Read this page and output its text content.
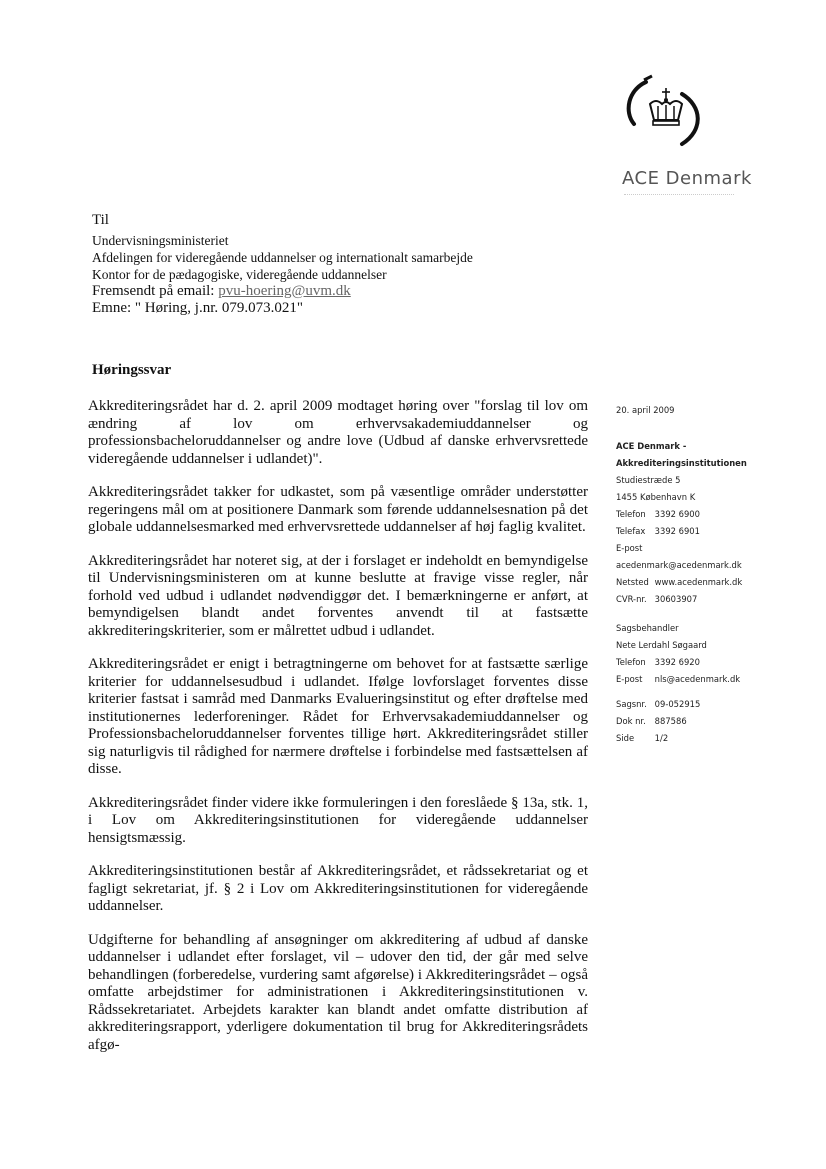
ACE Denmark
Til
Undervisningsministeriet
Afdelingen for videregående uddannelser og internationalt samarbejde
Kontor for de pædagogiske, videregående uddannelser
Fremsendt på email: pvu-hoering@uvm.dk
Emne: " Høring, j.nr. 079.073.021"
Høringssvar

Akkrediteringsrådet har d. 2. april 2009 modtaget høring over "forslag til lov om ændring af lov om erhvervsakademiuddannelser og professionsbacheloruddannelser og andre love (Udbud af danske erhvervsrettede videregående uddannelser i udlandet)".

Akkrediteringsrådet takker for udkastet, som på væsentlige områder understøtter regeringens mål om at positionere Danmark som førende uddannelsesnation på det globale uddannelsesmarked med erhvervsrettede uddannelser af høj faglig kvalitet.

Akkrediteringsrådet har noteret sig, at der i forslaget er indeholdt en bemyndigelse til Undervisningsministeren om at kunne beslutte at fravige visse regler, når forhold ved udbud i udlandet nødvendiggør det. I bemærkningerne er anført, at bemyndigelsen blandt andet forventes anvendt til at fastsætte akkrediteringskriterier, som er målrettet udbud i udlandet.

Akkrediteringsrådet er enigt i betragtningerne om behovet for at fastsætte særlige kriterier for uddannelsesudbud i udlandet. Ifølge lovforslaget forventes disse kriterier fastsat i samråd med Danmarks Evalueringsinstitut og efter drøftelse med institutionernes lederforeninger. Rådet for Erhvervsakademiuddannelser og Professionsbacheloruddannelser forventes tillige hørt. Akkrediteringsrådet stiller sig naturligvis til rådighed for nærmere drøftelse i forbindelse med fastsættelsen af disse.

Akkrediteringsrådet finder videre ikke formuleringen i den foreslåede § 13a, stk. 1, i Lov om Akkrediteringsinstitutionen for videregående uddannelser hensigtsmæssig.

Akkrediteringsinstitutionen består af Akkrediteringsrådet, et rådssekretariat og et fagligt sekretariat, jf. § 2 i Lov om Akkrediteringsinstitutionen for videregående uddannelser.

Udgifterne for behandling af ansøgninger om akkreditering af udbud af danske uddannelser i udlandet efter forslaget, vil – udover den tid, der går med selve behandlingen (forberedelse, vurdering samt afgørelse) i Akkrediteringsrådet – også omfatte arbejdstimer for administrationen i Akkrediteringsinstitutionen v. Rådssekretariatet. Arbejdets karakter kan blandt andet omfatte distribution af akkrediteringsrapport, yderligere dokumentation til brug for Akkrediteringsrådets afgø-

20. april 2009
ACE Denmark -
Akkrediteringsinstitutionen
Studiestræde 5
1455 København K
Telefon 3392 6900
Telefax 3392 6901
E-post
acedenmark@acedenmark.dk
Netsted www.acedenmark.dk
CVR-nr. 30603907
Sagsbehandler
Nete Lerdahl Søgaard
Telefon 3392 6920
E-post nls@acedenmark.dk
Sagsnr. 09-052915
Dok nr. 887586
Side 1/2
